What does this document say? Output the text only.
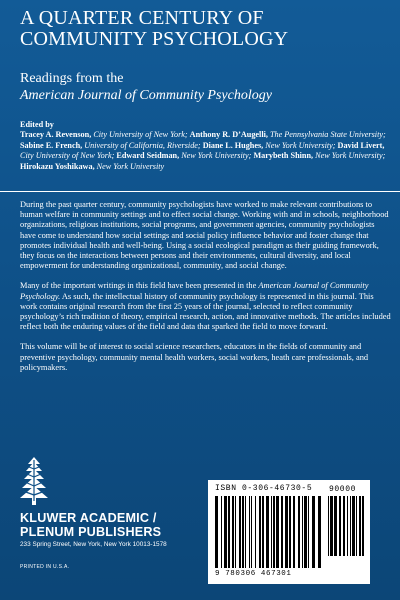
A QUARTER CENTURY OF
COMMUNITY PSYCHOLOGY
Readings from the
American Journal of Community Psychology
Edited by
Tracey A. Revenson, City University of New York; Anthony R. D’Augelli, The Pennsylvania State University; Sabine E. French, University of California, Riverside; Diane L. Hughes, New York University; David Livert, City University of New York; Edward Seidman, New York University; Marybeth Shinn, New York University; Hirokazu Yoshikawa, New York University

During the past quarter century, community psychologists have worked to make relevant contributions to human welfare in community settings and to effect social change. Working with and in schools, neighborhood organizations, religious institutions, social programs, and government agencies, community psychologists have come to understand how social settings and social policy influence behavior and foster change that promotes individual health and well-being. Using a social ecological paradigm as their guiding framework, they focus on the interactions between persons and their environments, cultural diversity, and local empowerment for understanding organizational, community, and social change.

Many of the important writings in this field have been presented in the American Journal of Community Psychology. As such, the intellectual history of community psychology is represented in this journal. This work contains original research from the first 25 years of the journal, selected to reflect community psychology’s rich tradition of theory, empirical research, action, and innovative methods. The articles included reflect both the enduring values of the field and data that sparked the field to move forward.

This volume will be of interest to social science researchers, educators in the fields of community and preventive psychology, community mental health workers, social workers, heath care professionals, and policymakers.

KLUWER ACADEMIC /
PLENUM PUBLISHERS
233 Spring Street, New York, New York 10013-1578
PRINTED IN U.S.A.
ISBN 0-306-46730-5 90000
9 780306 467301
